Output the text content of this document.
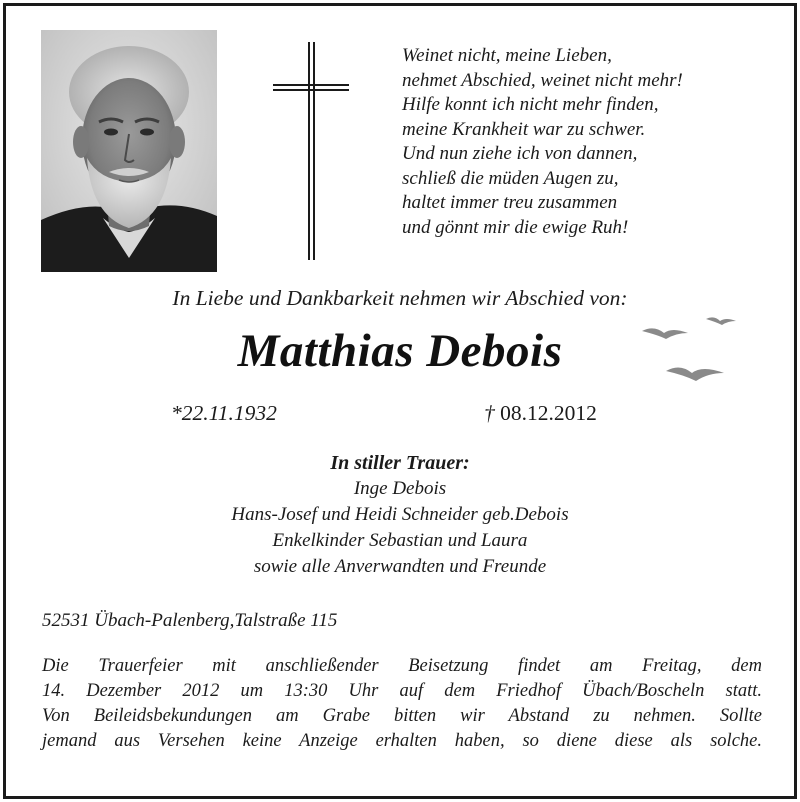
Weinet nicht, meine Lieben,
nehmet Abschied, weinet nicht mehr!
Hilfe konnt ich nicht mehr finden,
meine Krankheit war zu schwer.
Und nun ziehe ich von dannen,
schließ die müden Augen zu,
haltet immer treu zusammen
und gönnt mir die ewige Ruh!
In Liebe und Dankbarkeit nehmen wir Abschied von:
Matthias Debois
*22.11.1932	† 08.12.2012
In stiller Trauer:
Inge Debois
Hans-Josef und Heidi Schneider geb.Debois
Enkelkinder Sebastian und Laura
sowie alle Anverwandten und Freunde
52531 Übach-Palenberg,Talstraße 115
Die Trauerfeier mit anschließender Beisetzung findet am Freitag, dem
14. Dezember 2012 um 13:30 Uhr auf dem Friedhof Übach/Boscheln statt.
Von Beileidsbekundungen am Grabe bitten wir Abstand zu nehmen. Sollte
jemand aus Versehen keine Anzeige erhalten haben, so diene diese als solche.
